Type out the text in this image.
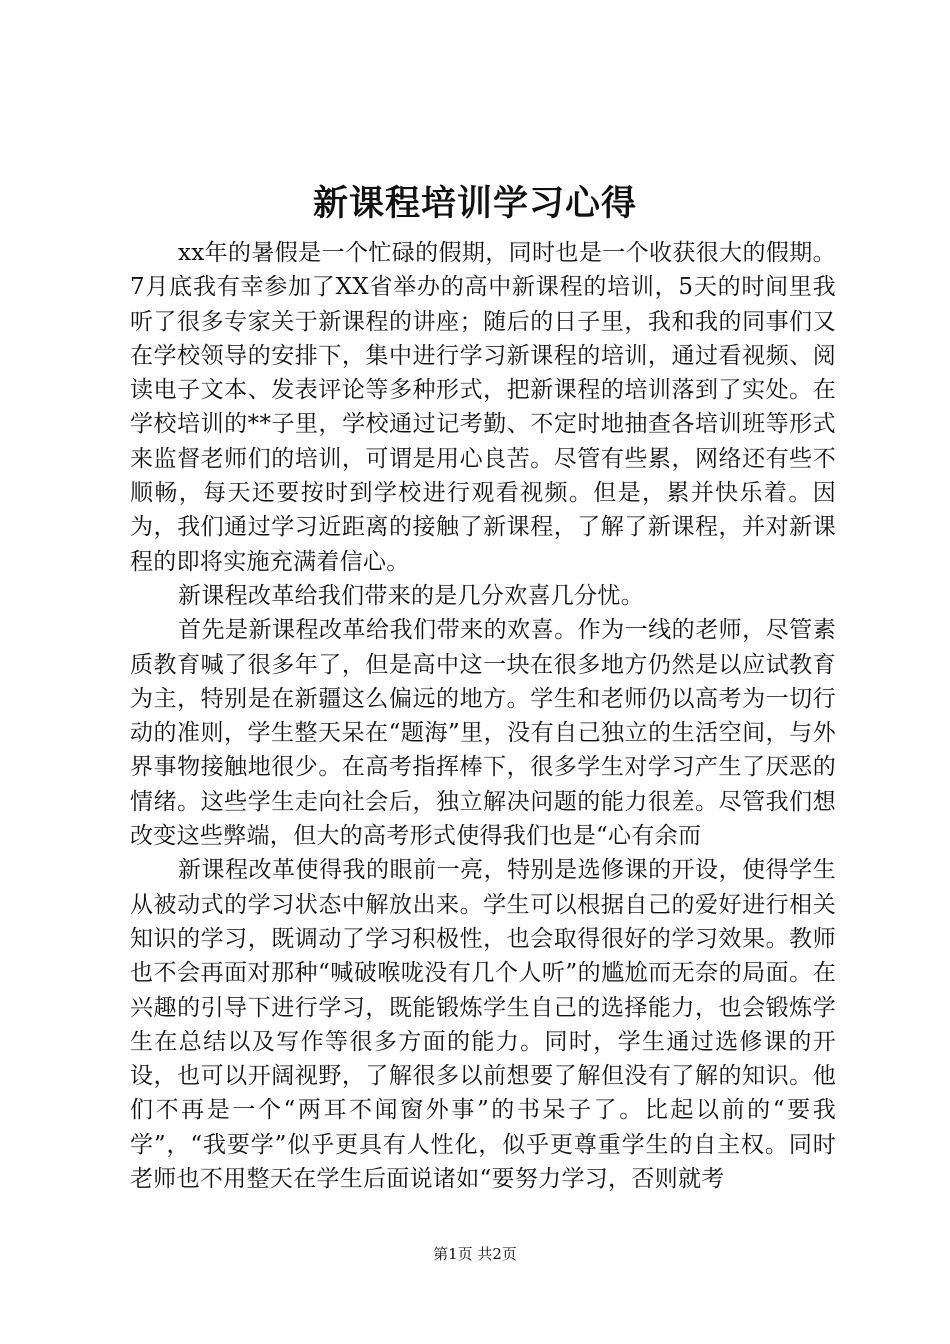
新课程培训学习心得

xx年的暑假是一个忙碌的假期，同时也是一个收获很大的假期。7月底我有幸参加了XX省举办的高中新课程的培训，5天的时间里我听了很多专家关于新课程的讲座；随后的日子里，我和我的同事们又在学校领导的安排下，集中进行学习新课程的培训，通过看视频、阅读电子文本、发表评论等多种形式，把新课程的培训落到了实处。在学校培训的**子里，学校通过记考勤、不定时地抽查各培训班等形式来监督老师们的培训，可谓是用心良苦。尽管有些累，网络还有些不顺畅，每天还要按时到学校进行观看视频。但是，累并快乐着。因为，我们通过学习近距离的接触了新课程，了解了新课程，并对新课程的即将实施充满着信心。

新课程改革给我们带来的是几分欢喜几分忧。

首先是新课程改革给我们带来的欢喜。作为一线的老师，尽管素质教育喊了很多年了，但是高中这一块在很多地方仍然是以应试教育为主，特别是在新疆这么偏远的地方。学生和老师仍以高考为一切行动的准则，学生整天呆在“题海”里，没有自己独立的生活空间，与外界事物接触地很少。在高考指挥棒下，很多学生对学习产生了厌恶的情绪。这些学生走向社会后，独立解决问题的能力很差。尽管我们想改变这些弊端，但大的高考形式使得我们也是“心有余而

新课程改革使得我的眼前一亮，特别是选修课的开设，使得学生从被动式的学习状态中解放出来。学生可以根据自己的爱好进行相关知识的学习，既调动了学习积极性，也会取得很好的学习效果。教师也不会再面对那种“喊破喉咙没有几个人听”的尴尬而无奈的局面。在兴趣的引导下进行学习，既能锻炼学生自己的选择能力，也会锻炼学生在总结以及写作等很多方面的能力。同时，学生通过选修课的开设，也可以开阔视野，了解很多以前想要了解但没有了解的知识。他们不再是一个“两耳不闻窗外事”的书呆子了。比起以前的“要我学”，“我要学”似乎更具有人性化，似乎更尊重学生的自主权。同时老师也不用整天在学生后面说诸如“要努力学习，否则就考

第1页 共2页
